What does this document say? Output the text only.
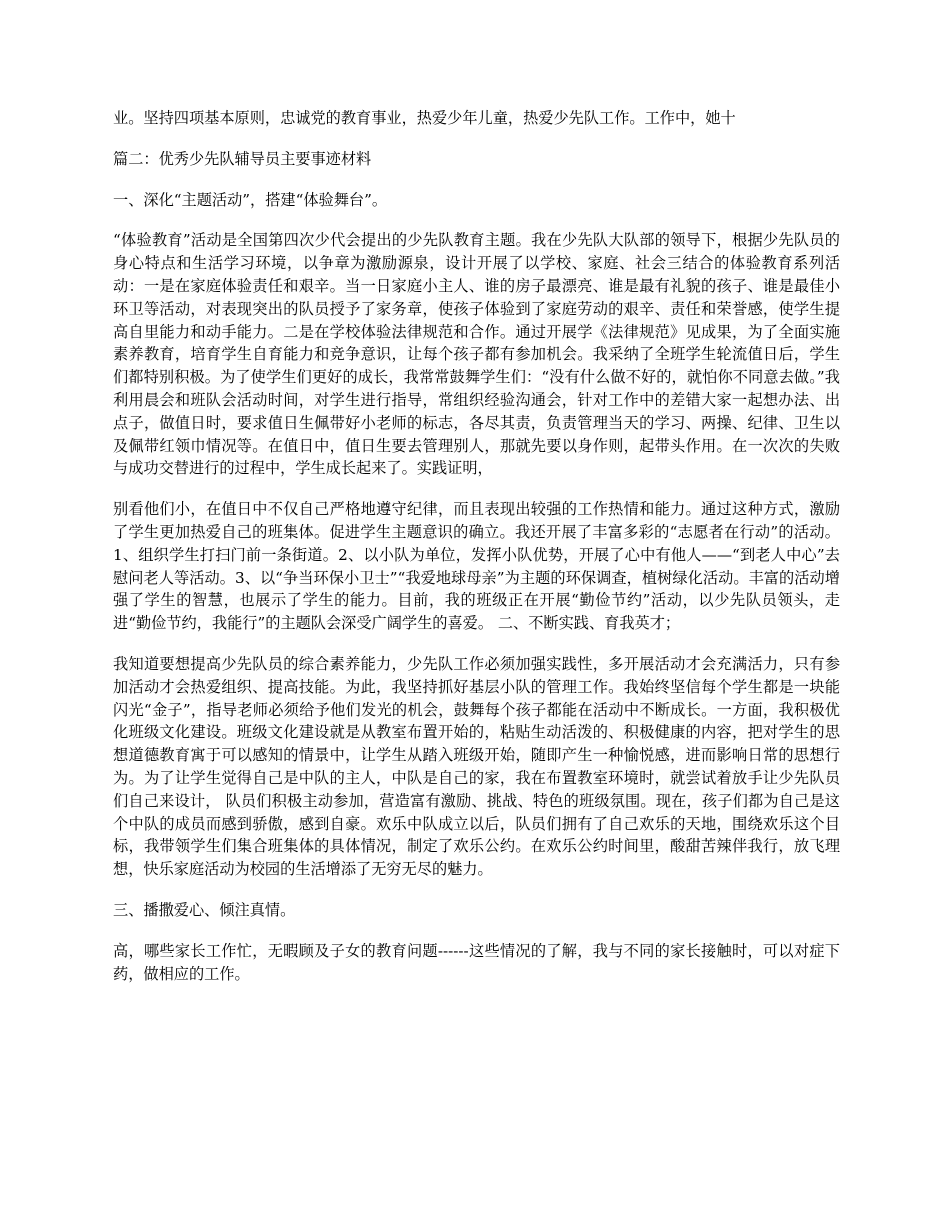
业。坚持四项基本原则，忠诚党的教育事业，热爱少年儿童，热爱少先队工作。工作中，她十

篇二：优秀少先队辅导员主要事迹材料

一、深化“主题活动”，搭建“体验舞台”。

“体验教育”活动是全国第四次少代会提出的少先队教育主题。我在少先队大队部的领导下，根据少先队员的身心特点和生活学习环境，以争章为激励源泉，设计开展了以学校、家庭、社会三结合的体验教育系列活动：一是在家庭体验责任和艰辛。当一日家庭小主人、谁的房子最漂亮、谁是最有礼貌的孩子、谁是最佳小环卫等活动，对表现突出的队员授予了家务章，使孩子体验到了家庭劳动的艰辛、责任和荣誉感，使学生提高自里能力和动手能力。二是在学校体验法律规范和合作。通过开展学《法律规范》见成果，为了全面实施素养教育，培育学生自育能力和竞争意识，让每个孩子都有参加机会。我采纳了全班学生轮流值日后，学生们都特别积极。为了使学生们更好的成长，我常常鼓舞学生们：“没有什么做不好的，就怕你不同意去做。”我利用晨会和班队会活动时间，对学生进行指导，常组织经验沟通会，针对工作中的差错大家一起想办法、出点子，做值日时，要求值日生佩带好小老师的标志，各尽其责，负责管理当天的学习、两操、纪律、卫生以及佩带红领巾情况等。在值日中，值日生要去管理别人，那就先要以身作则，起带头作用。在一次次的失败与成功交替进行的过程中，学生成长起来了。实践证明，

别看他们小，在值日中不仅自己严格地遵守纪律，而且表现出较强的工作热情和能力。通过这种方式，激励了学生更加热爱自己的班集体。促进学生主题意识的确立。我还开展了丰富多彩的“志愿者在行动”的活动。1、组织学生打扫门前一条街道。2、以小队为单位，发挥小队优势，开展了心中有他人——“到老人中心”去慰问老人等活动。3、以“争当环保小卫士”“我爱地球母亲”为主题的环保调查，植树绿化活动。丰富的活动增强了学生的智慧，也展示了学生的能力。目前，我的班级正在开展“勤俭节约”活动，以少先队员领头，走进“勤俭节约，我能行”的主题队会深受广阔学生的喜爱。 二、不断实践、育我英才；

我知道要想提高少先队员的综合素养能力，少先队工作必须加强实践性，多开展活动才会充满活力，只有参加活动才会热爱组织、提高技能。为此，我坚持抓好基层小队的管理工作。我始终坚信每个学生都是一块能闪光“金子”，指导老师必须给予他们发光的机会，鼓舞每个孩子都能在活动中不断成长。一方面，我积极优化班级文化建设。班级文化建设就是从教室布置开始的，粘贴生动活泼的、积极健康的内容，把对学生的思想道德教育寓于可以感知的情景中，让学生从踏入班级开始，随即产生一种愉悦感，进而影响日常的思想行为。为了让学生觉得自己是中队的主人，中队是自己的家，我在布置教室环境时，就尝试着放手让少先队员们自己来设计， 队员们积极主动参加，营造富有激励、挑战、特色的班级氛围。现在，孩子们都为自己是这个中队的成员而感到骄傲，感到自豪。欢乐中队成立以后，队员们拥有了自己欢乐的天地，围绕欢乐这个目标，我带领学生们集合班集体的具体情况，制定了欢乐公约。在欢乐公约时间里，酸甜苦辣伴我行，放飞理想，快乐家庭活动为校园的生活增添了无穷无尽的魅力。

三、播撒爱心、倾注真情。

高，哪些家长工作忙，无暇顾及子女的教育问题------这些情况的了解，我与不同的家长接触时，可以对症下药，做相应的工作。
